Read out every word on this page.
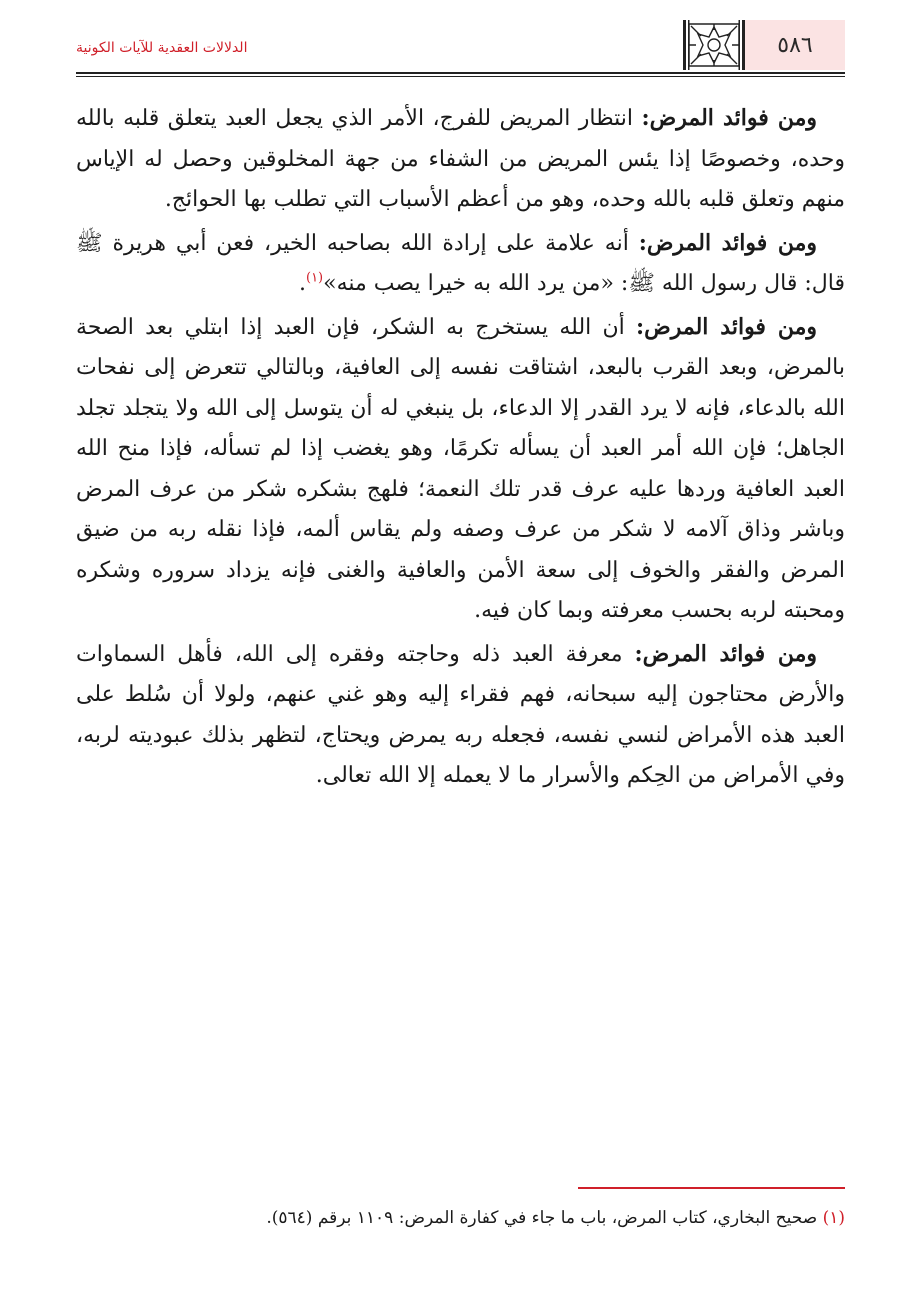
٥٨٦
الدلالات العقدية للآيات الكونية

ومن فوائد المرض: انتظار المريض للفرج، الأمر الذي يجعل العبد يتعلق قلبه بالله وحده، وخصوصًا إذا يئس المريض من الشفاء من جهة المخلوقين وحصل له الإياس منهم وتعلق قلبه بالله وحده، وهو من أعظم الأسباب التي تطلب بها الحوائج.

ومن فوائد المرض: أنه علامة على إرادة الله بصاحبه الخير، فعن أبي هريرة ﷺ قال: قال رسول الله ﷺ: «من يرد الله به خيرا يصب منه»$^{(١)}$.

ومن فوائد المرض: أن الله يستخرج به الشكر، فإن العبد إذا ابتلي بعد الصحة بالمرض، وبعد القرب بالبعد، اشتاقت نفسه إلى العافية، وبالتالي تتعرض إلى نفحات الله بالدعاء، فإنه لا يرد القدر إلا الدعاء، بل ينبغي له أن يتوسل إلى الله ولا يتجلد تجلد الجاهل؛ فإن الله أمر العبد أن يسأله تكرمًا، وهو يغضب إذا لم تسأله، فإذا منح الله العبد العافية وردها عليه عرف قدر تلك النعمة؛ فلهج بشكره شكر من عرف المرض وباشر وذاق آلامه لا شكر من عرف وصفه ولم يقاس ألمه، فإذا نقله ربه من ضيق المرض والفقر والخوف إلى سعة الأمن والعافية والغنى فإنه يزداد سروره وشكره ومحبته لربه بحسب معرفته وبما كان فيه.

ومن فوائد المرض: معرفة العبد ذله وحاجته وفقره إلى الله، فأهل السماوات والأرض محتاجون إليه سبحانه، فهم فقراء إليه وهو غني عنهم، ولولا أن سُلط على العبد هذه الأمراض لنسي نفسه، فجعله ربه يمرض ويحتاج، لتظهر بذلك عبوديته لربه، وفي الأمراض من الحِكم والأسرار ما لا يعمله إلا الله تعالى.

(١) صحيح البخاري، كتاب المرض، باب ما جاء في كفارة المرض: ١١٠٩ برقم (٥٦٤).
